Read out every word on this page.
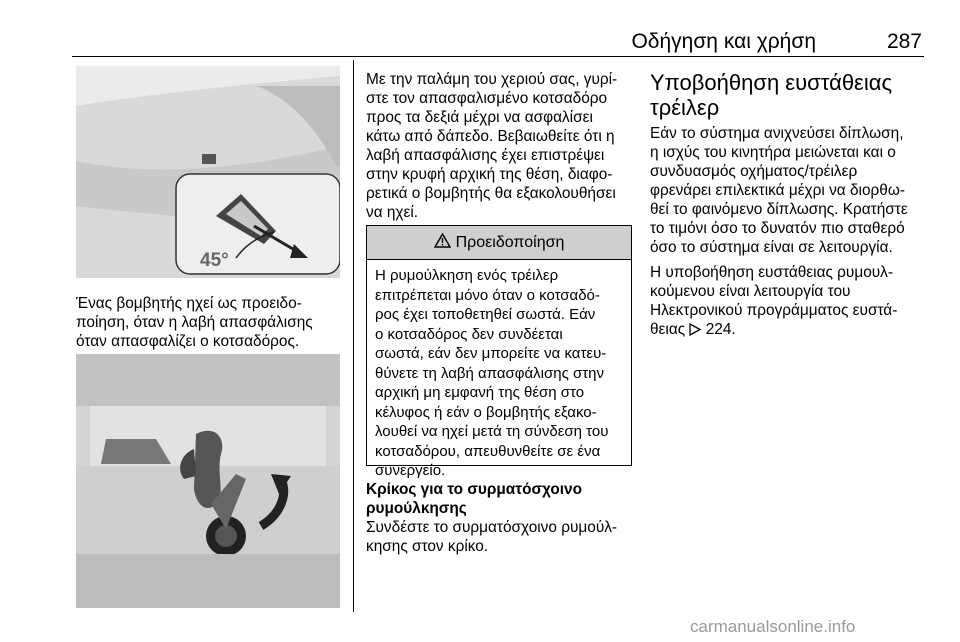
Οδήγηση και χρήση	287
45°

Ένας βομβητής ηχεί ως προειδο-

ποίηση, όταν η λαβή απασφάλισης

όταν απασφαλίζει ο κοτσαδόρος.

Με την παλάμη του χεριού σας, γυρί-

στε τον απασφαλισμένο κοτσαδόρο

προς τα δεξιά μέχρι να ασφαλίσει

κάτω από δάπεδο. Βεβαιωθείτε ότι η

λαβή απασφάλισης έχει επιστρέψει

στην κρυφή αρχική της θέση, διαφο-

ρετικά ο βομβητής θα εξακολουθήσει

να ηχεί.

Προειδοποίηση
Η ρυμούλκηση ενός τρέιλερ
επιτρέπεται μόνο όταν ο κοτσαδό-
ρος έχει τοποθετηθεί σωστά. Εάν
ο κοτσαδόρος δεν συνδέεται
σωστά, εάν δεν μπορείτε να κατευ-
θύνετε τη λαβή απασφάλισης στην
αρχική μη εμφανή της θέση στο
κέλυφος ή εάν ο βομβητής εξακο-
λουθεί να ηχεί μετά τη σύνδεση του
κοτσαδόρου, απευθυνθείτε σε ένα
συνεργείο.

Κρίκος για το συρματόσχοινο

ρυμούλκησης

Συνδέστε το συρματόσχοινο ρυμούλ-

κησης στον κρίκο.

Υποβοήθηση ευστάθειας

τρέιλερ

Εάν το σύστημα ανιχνεύσει δίπλωση,

η ισχύς του κινητήρα μειώνεται και ο

συνδυασμός οχήματος/τρέιλερ

φρενάρει επιλεκτικά μέχρι να διορθω-

θεί το φαινόμενο δίπλωσης. Κρατήστε

το τιμόνι όσο το δυνατόν πιο σταθερό

όσο το σύστημα είναι σε λειτουργία.

Η υποβοήθηση ευστάθειας ρυμουλ-

κούμενου είναι λειτουργία του

Ηλεκτρονικού προγράμματος ευστά-

θειας 224.

carmanualsonline.info
